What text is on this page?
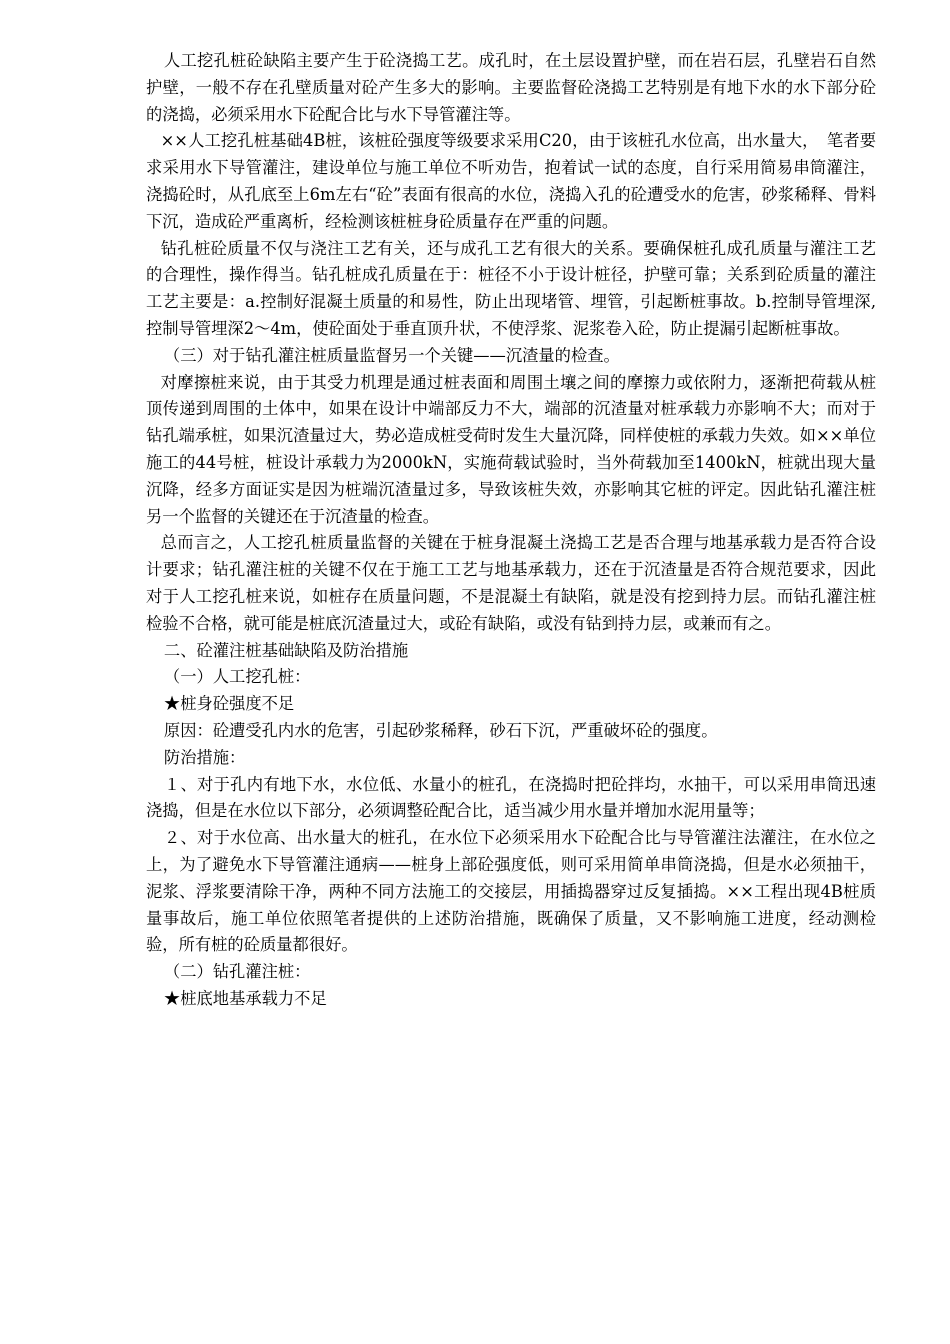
人工挖孔桩砼缺陷主要产生于砼浇捣工艺。成孔时，在土层设置护壁，而在岩石层，孔壁岩石自然护壁，一般不存在孔壁质量对砼产生多大的影响。主要监督砼浇捣工艺特别是有地下水的水下部分砼的浇捣，必须采用水下砼配合比与水下导管灌注等。

××人工挖孔桩基础4B桩，该桩砼强度等级要求采用C20，由于该桩孔水位高，出水量大，　笔者要求采用水下导管灌注，建设单位与施工单位不听劝告，抱着试一试的态度，自行采用简易串筒灌注，浇捣砼时，从孔底至上6m左右“砼”表面有很高的水位，浇捣入孔的砼遭受水的危害，砂浆稀释、骨料下沉，造成砼严重离析，经检测该桩桩身砼质量存在严重的问题。

钻孔桩砼质量不仅与浇注工艺有关，还与成孔工艺有很大的关系。要确保桩孔成孔质量与灌注工艺的合理性，操作得当。钻孔桩成孔质量在于：桩径不小于设计桩径，护壁可靠；关系到砼质量的灌注工艺主要是：a.控制好混凝土质量的和易性，防止出现堵管、埋管，引起断桩事故。b.控制导管埋深,控制导管埋深2～4m，使砼面处于垂直顶升状，不使浮浆、泥浆卷入砼，防止提漏引起断桩事故。

（三）对于钻孔灌注桩质量监督另一个关键——沉渣量的检查。

对摩擦桩来说，由于其受力机理是通过桩表面和周围土壤之间的摩擦力或依附力，逐渐把荷载从桩顶传递到周围的土体中，如果在设计中端部反力不大，端部的沉渣量对桩承载力亦影响不大；而对于钻孔端承桩，如果沉渣量过大，势必造成桩受荷时发生大量沉降，同样使桩的承载力失效。如××单位施工的44号桩，桩设计承载力为2000kN，实施荷载试验时，当外荷载加至1400kN，桩就出现大量沉降，经多方面证实是因为桩端沉渣量过多，导致该桩失效，亦影响其它桩的评定。因此钻孔灌注桩另一个监督的关键还在于沉渣量的检查。

总而言之，人工挖孔桩质量监督的关键在于桩身混凝土浇捣工艺是否合理与地基承载力是否符合设计要求；钻孔灌注桩的关键不仅在于施工工艺与地基承载力，还在于沉渣量是否符合规范要求，因此对于人工挖孔桩来说，如桩存在质量问题，不是混凝土有缺陷，就是没有挖到持力层。而钻孔灌注桩检验不合格，就可能是桩底沉渣量过大，或砼有缺陷，或没有钻到持力层，或兼而有之。

二、砼灌注桩基础缺陷及防治措施

（一）人工挖孔桩：

★桩身砼强度不足

原因：砼遭受孔内水的危害，引起砂浆稀释，砂石下沉，严重破坏砼的强度。

防治措施：

１、对于孔内有地下水，水位低、水量小的桩孔，在浇捣时把砼拌均，水抽干，可以采用串筒迅速浇捣，但是在水位以下部分，必须调整砼配合比，适当减少用水量并增加水泥用量等；

２、对于水位高、出水量大的桩孔，在水位下必须采用水下砼配合比与导管灌注法灌注，在水位之上，为了避免水下导管灌注通病——桩身上部砼强度低，则可采用简单串筒浇捣，但是水必须抽干，泥浆、浮浆要清除干净，两种不同方法施工的交接层，用插捣器穿过反复插捣。××工程出现4B桩质量事故后，施工单位依照笔者提供的上述防治措施，既确保了质量，又不影响施工进度，经动测检验，所有桩的砼质量都很好。

（二）钻孔灌注桩：

★桩底地基承载力不足
